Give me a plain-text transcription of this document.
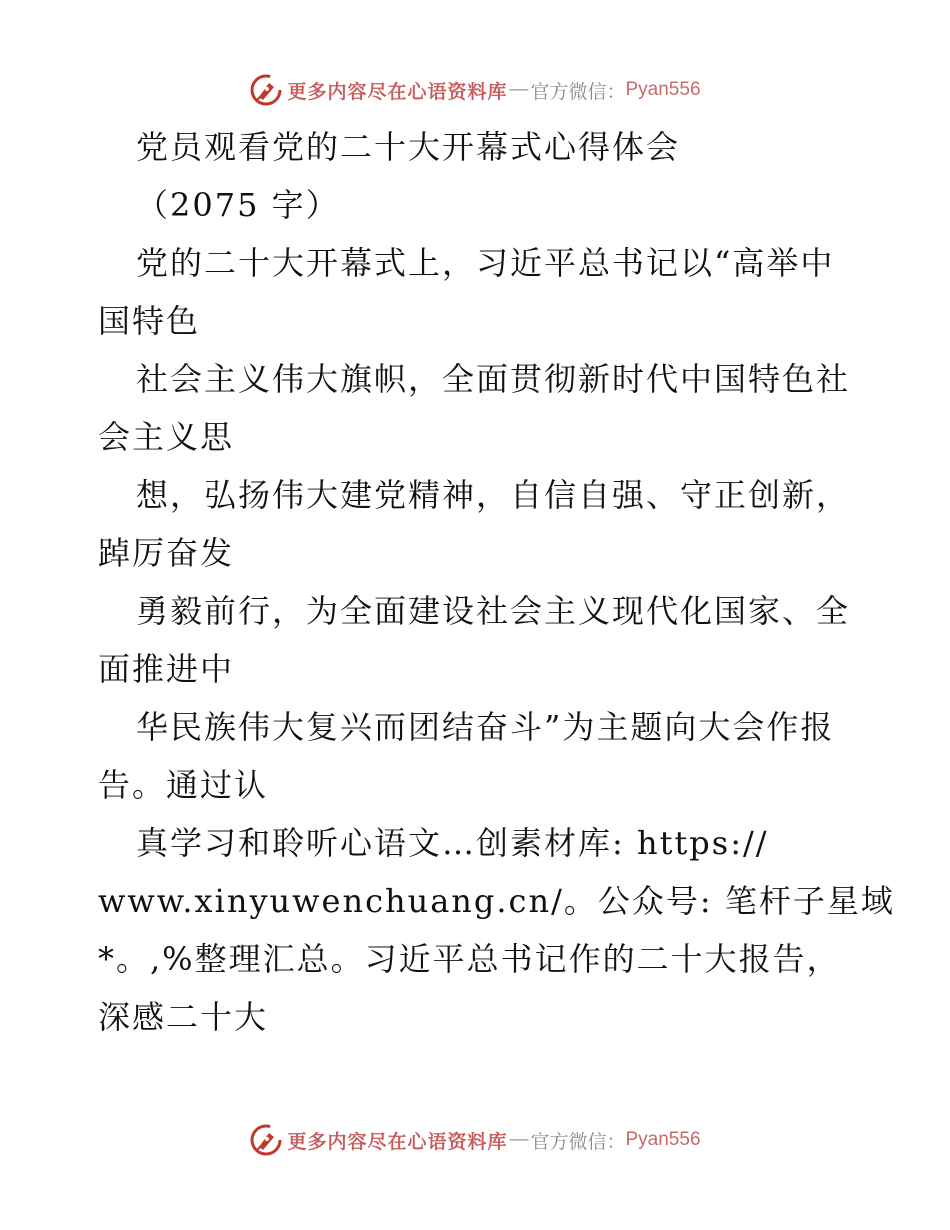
更多内容尽在心语资料库 — 官方微信： Pyan556
党员观看党的二十大开幕式心得体会
（2075 字）
党的二十大开幕式上，习近平总书记以“高举中
国特色
社会主义伟大旗帜，全面贯彻新时代中国特色社
会主义思
想，弘扬伟大建党精神，自信自强、守正创新，
踔厉奋发
勇毅前行，为全面建设社会主义现代化国家、全
面推进中
华民族伟大复兴而团结奋斗”为主题向大会作报
告。通过认
真学习和聆听心语文…创素材库: https://
www.xinyuwenchuang.cn/。公众号: 笔杆子星域
*。,%整理汇总。习近平总书记作的二十大报告，
深感二十大
更多内容尽在心语资料库 — 官方微信： Pyan556
